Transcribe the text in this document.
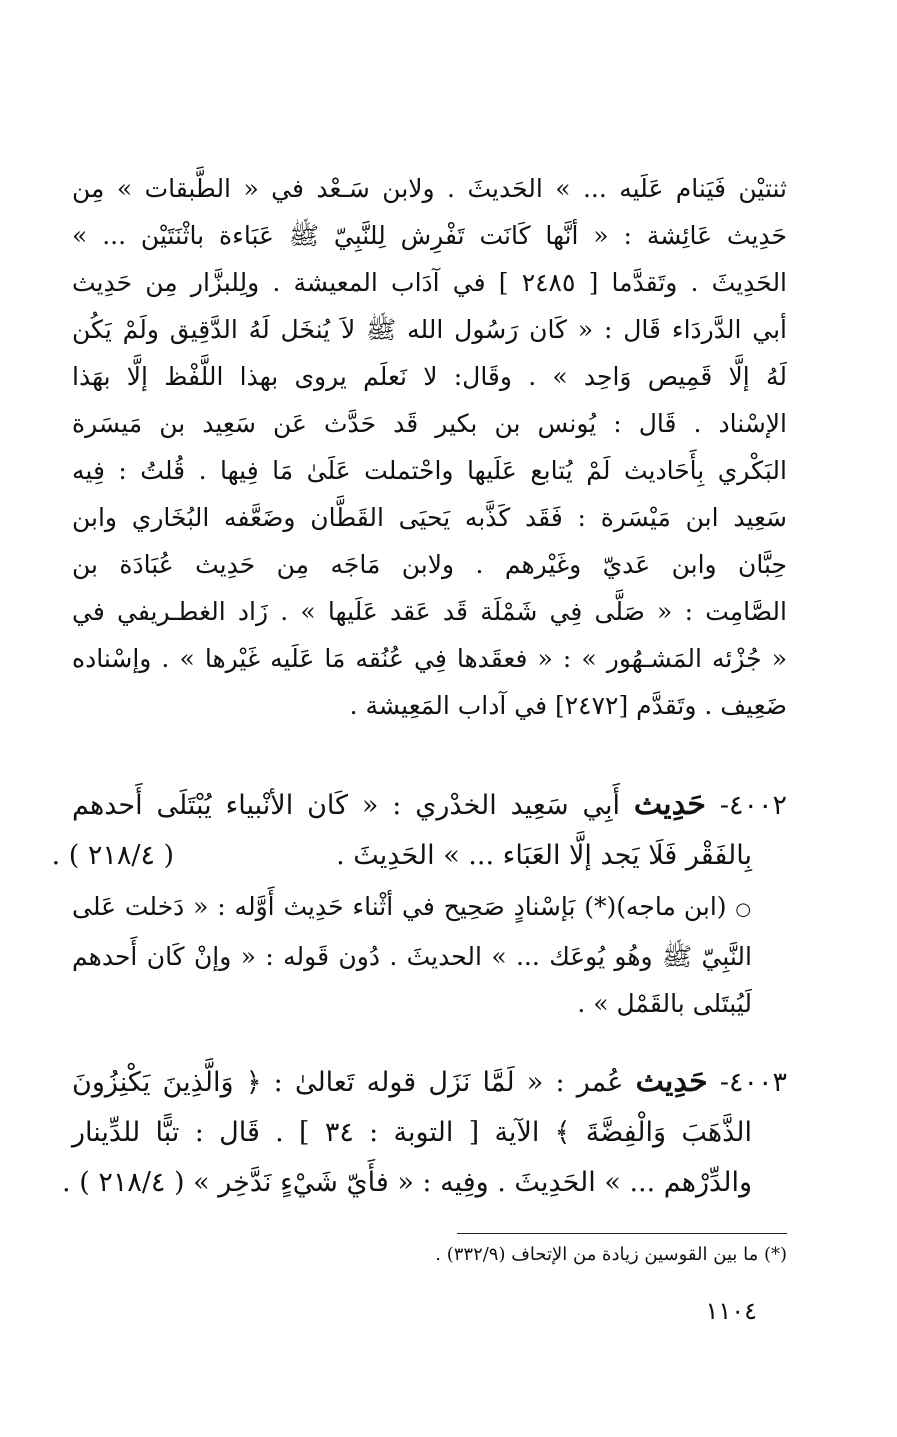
ثنتيْن فَيَنام عَلَيه ... » الحَديثَ . ولابن سَـعْد في « الطَّبقات » مِن
حَدِيث عَائِشة : « أنَّها كَانَت تَفْرِش لِلنَّبِيّ ﷺ عَبَاءة باثْنَتَيْن ... »
الحَدِيثَ . وتَقدَّما [ ٢٤٨٥ ] في آدَاب المعيشة . ولِلبزَّار مِن حَدِيث
أبي الدَّردَاء قَال : « كَان رَسُول الله ﷺ لاَ يُنخَل لَهُ الدَّقِيق ولَمْ يَكُن
لَهُ إلَّا قَمِيص وَاحِد » . وقَال: لا نَعلَم يروى بهذا اللَّفْظ إلَّا بهَذا
الإسْناد . قَال : يُونس بن بكير قَد حَدَّث عَن سَعِيد بن مَيسَرة
البَكْري بِأَحَاديث لَمْ يُتابع عَلَيها واحْتملت عَلَىٰ مَا فِيها . قُلتُ : فِيه
سَعِيد ابن مَيْسَرة : فَقَد كَذَّبه يَحيَى القَطَّان وضَعَّفه البُخَاري وابن
حِبَّان وابن عَديّ وغَيْرهم . ولابن مَاجَه مِن حَدِيث عُبَادَة بن
الصَّامِت : « صَلَّى فِي شَمْلَة قَد عَقد عَلَيها » . زَاد الغطـريفي في
« جُزْئه المَشـهُور » : « فعقَدها فِي عُنُقه مَا عَلَيه غَيْرها » . وإسْناده
ضَعِيف . وتَقدَّم [٢٤٧٢] في آداب المَعِيشة .
٤٠٠٢- حَدِيث أَبِي سَعِيد الخدْري : « كَان الأنْبياء يُبْتَلَى أَحدهم
بِالفَقْر فَلَا يَجد إلَّا العَبَاء ... » الحَدِيثَ .      ( ٢١٨/٤ ) .
○ (ابن ماجه)(*) بَإسْنادٍ صَحِيح في أثْناء حَدِيث أَوَّله : « دَخلت عَلى
النَّبِيّ ﷺ وهُو يُوعَك ... » الحديثَ . دُون قَوله : « وإنْ كَان أَحدهم
لَيُبتَلى بالقَمْل » .
٤٠٠٣- حَدِيث عُمر : « لَمَّا نَزَل قوله تَعالىٰ : ﴿ وَالَّذِينَ يَكْنِزُونَ
الذَّهَبَ وَالْفِضَّةَ ﴾ الآية [ التوبة : ٣٤ ] . قَال : تبًّا للدِّينار
والدِّرْهم ... » الحَدِيثَ . وفِيه : « فأَيّ شَيْءٍ نَدَّخِر » ( ٢١٨/٤ ) .
(*) ما بين القوسين زيادة من الإتحاف (٣٣٢/٩) .
١١٠٤
